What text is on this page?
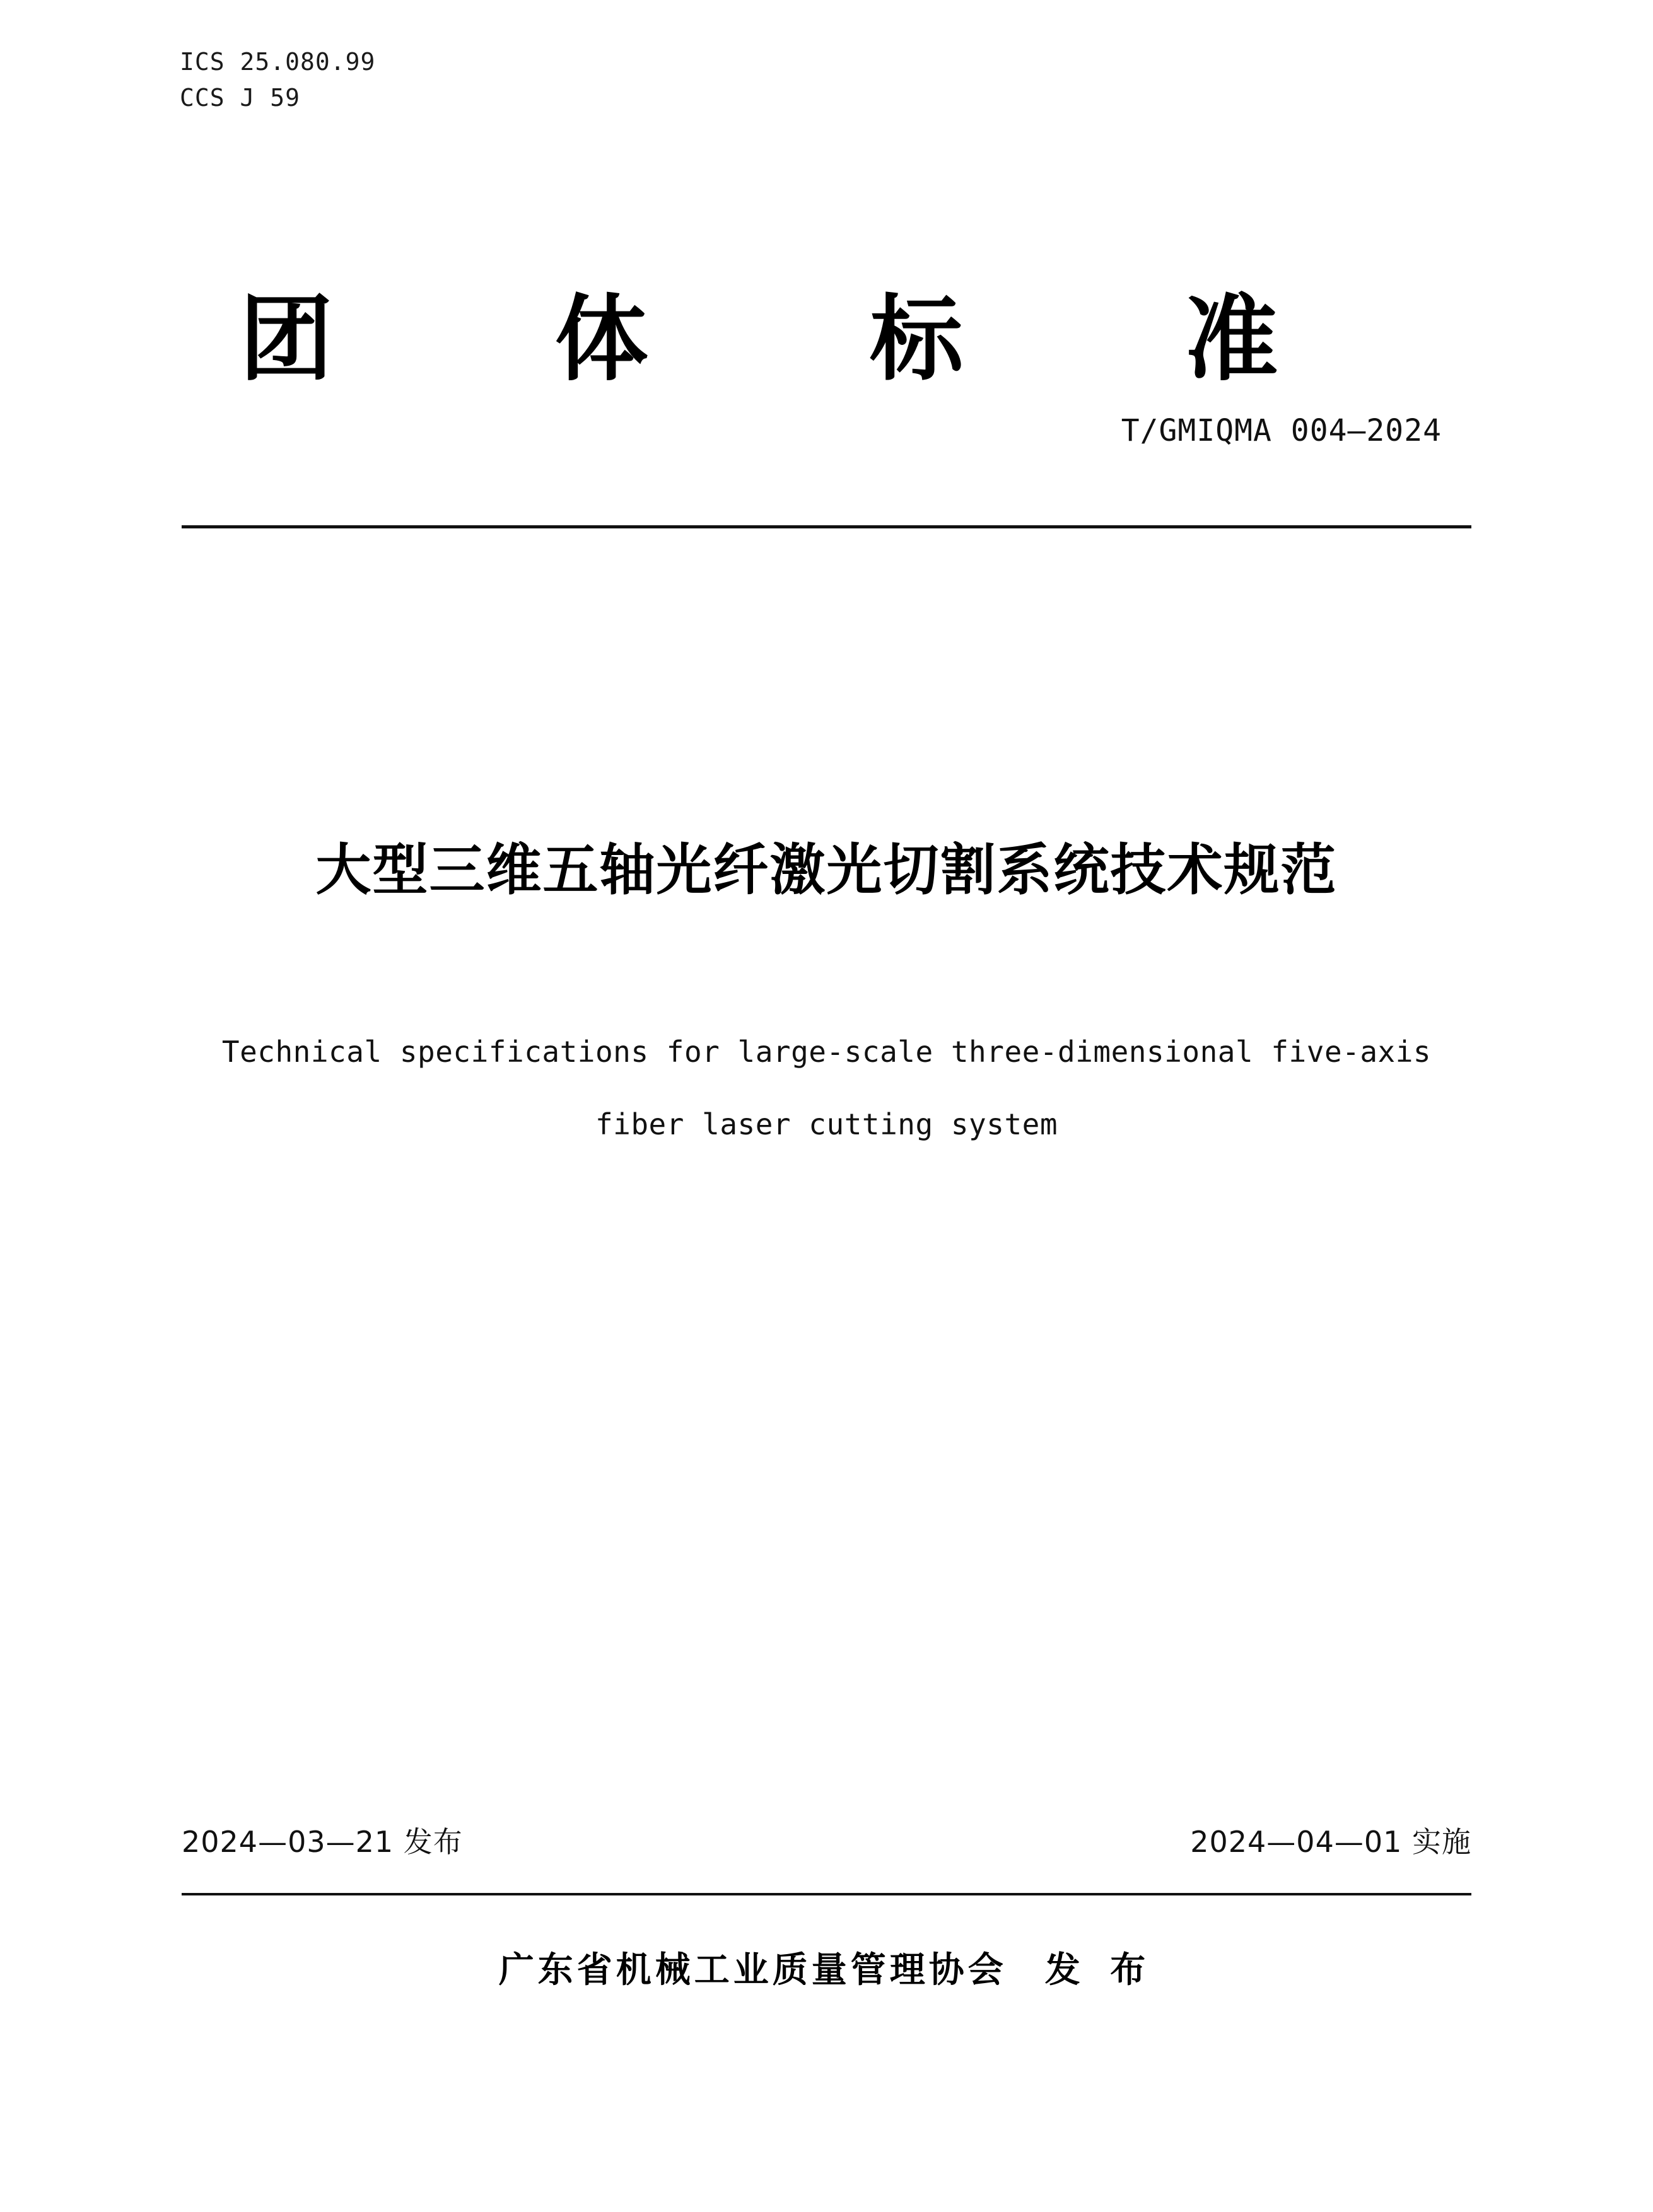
ICS 25.080.99
CCS J 59
团 体 标 准
T/GMIQMA 004—2024
大型三维五轴光纤激光切割系统技术规范
Technical specifications for large-scale three-dimensional five-axis
fiber laser cutting system
2024—03—21 发布	2024—04—01 实施
广东省机械工业质量管理协会 发 布
